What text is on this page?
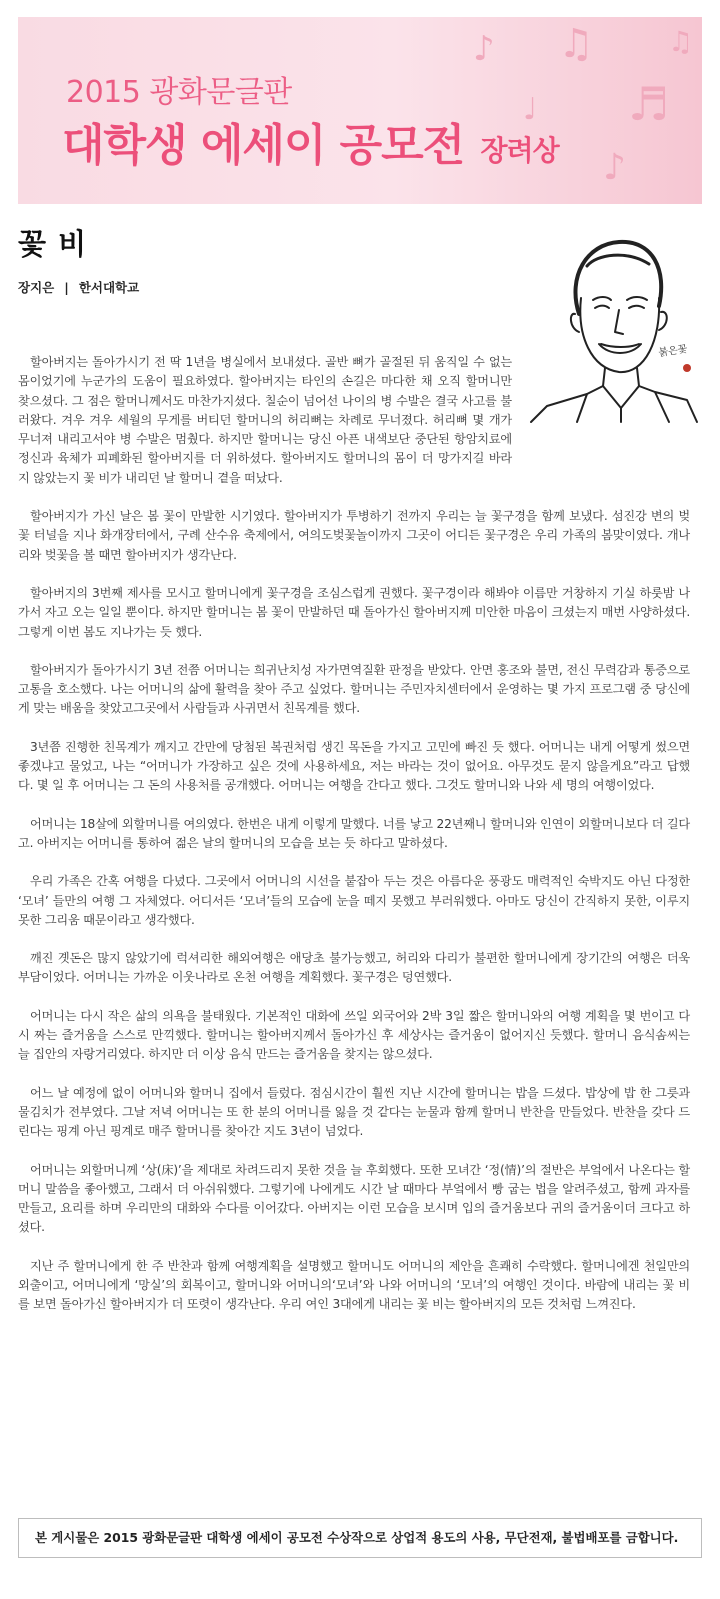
♪ ♫
♬
♩
♪
♫
2015 광화문글판
대학생 에세이 공모전 장려상
꽃 비
장지은 | 한서대학교
붉은꽃

할아버지는 돌아가시기 전 딱 1년을 병실에서 보내셨다. 골반 뼈가 골절된 뒤 움직일 수 없는 몸이었기에 누군가의 도움이 필요하였다. 할아버지는 타인의 손길은 마다한 채 오직 할머니만 찾으셨다. 그 점은 할머니께서도 마찬가지셨다. 칠순이 넘어선 나이의 병 수발은 결국 사고를 불러왔다. 겨우 겨우 세월의 무게를 버티던 할머니의 허리뼈는 차례로 무너졌다. 허리뼈 몇 개가 무너져 내리고서야 병 수발은 멈췄다. 하지만 할머니는 당신 아픈 내색보단 중단된 항암치료에 정신과 육체가 피폐화된 할아버지를 더 위하셨다. 할아버지도 할머니의 몸이 더 망가지길 바라지 않았는지 꽃 비가 내리던 날 할머니 곁을 떠났다.

할아버지가 가신 날은 봄 꽃이 만발한 시기였다. 할아버지가 투병하기 전까지 우리는 늘 꽃구경을 함께 보냈다. 섬진강 변의 벚꽃 터널을 지나 화개장터에서, 구례 산수유 축제에서, 여의도벚꽃놀이까지 그곳이 어디든 꽃구경은 우리 가족의 봄맞이였다. 개나리와 벚꽃을 볼 때면 할아버지가 생각난다.

할아버지의 3번째 제사를 모시고 할머니에게 꽃구경을 조심스럽게 권했다. 꽃구경이라 해봐야 이름만 거창하지 기실 하룻밤 나가서 자고 오는 일일 뿐이다. 하지만 할머니는 봄 꽃이 만발하던 때 돌아가신 할아버지께 미안한 마음이 크셨는지 매번 사양하셨다. 그렇게 이번 봄도 지나가는 듯 했다.

할아버지가 돌아가시기 3년 전쯤 어머니는 희귀난치성 자가면역질환 판정을 받았다. 안면 홍조와 불면, 전신 무력감과 통증으로 고통을 호소했다. 나는 어머니의 삶에 활력을 찾아 주고 싶었다. 할머니는 주민자치센터에서 운영하는 몇 가지 프로그램 중 당신에게 맞는 배움을 찾았고그곳에서 사람들과 사귀면서 친목계를 했다.

3년쯤 진행한 친목계가 깨지고 간만에 당첨된 복권처럼 생긴 목돈을 가지고 고민에 빠진 듯 했다. 어머니는 내게 어떻게 썼으면 좋겠냐고 물었고, 나는 “어머니가 가장하고 싶은 것에 사용하세요, 저는 바라는 것이 없어요. 아무것도 묻지 않을게요”라고 답했다. 몇 일 후 어머니는 그 돈의 사용처를 공개했다. 어머니는 여행을 간다고 했다. 그것도 할머니와 나와 세 명의 여행이었다.

어머니는 18살에 외할머니를 여의였다. 한번은 내게 이렇게 말했다. 너를 낳고 22년째니 할머니와 인연이 외할머니보다 더 길다고. 아버지는 어머니를 통하여 젊은 날의 할머니의 모습을 보는 듯 하다고 말하셨다.

우리 가족은 간혹 여행을 다녔다. 그곳에서 어머니의 시선을 붙잡아 두는 것은 아름다운 풍광도 매력적인 숙박지도 아닌 다정한 ‘모녀’ 들만의 여행 그 자체였다. 어디서든 ‘모녀’들의 모습에 눈을 떼지 못했고 부러워했다. 아마도 당신이 간직하지 못한, 이루지 못한 그리움 때문이라고 생각했다.

깨진 곗돈은 많지 않았기에 럭셔리한 해외여행은 애당초 불가능했고, 허리와 다리가 불편한 할머니에게 장기간의 여행은 더욱 부담이었다. 어머니는 가까운 이웃나라로 온천 여행을 계획했다. 꽃구경은 덩연했다.

어머니는 다시 작은 삶의 의욕을 불태웠다. 기본적인 대화에 쓰일 외국어와 2박 3일 짧은 할머니와의 여행 계획을 몇 번이고 다시 짜는 즐거움을 스스로 만끽했다. 할머니는 할아버지께서 돌아가신 후 세상사는 즐거움이 없어지신 듯했다. 할머니 음식솜씨는 늘 집안의 자랑거리였다. 하지만 더 이상 음식 만드는 즐거움을 찾지는 않으셨다.

어느 날 예정에 없이 어머니와 할머니 집에서 들렀다. 점심시간이 훨씬 지난 시간에 할머니는 밥을 드셨다. 밥상에 밥 한 그릇과 물김치가 전부였다. 그날 저녁 어머니는 또 한 분의 어머니를 잃을 것 같다는 눈물과 함께 할머니 반찬을 만들었다. 반찬을 갖다 드린다는 핑계 아닌 핑계로 매주 할머니를 찾아간 지도 3년이 넘었다.

어머니는 외할머니께 ‘상(床)’을 제대로 차려드리지 못한 것을 늘 후회했다. 또한 모녀간 ‘정(情)’의 절반은 부엌에서 나온다는 할머니 말씀을 좋아했고, 그래서 더 아쉬워했다. 그렇기에 나에게도 시간 날 때마다 부엌에서 빵 굽는 법을 알려주셨고, 함께 과자를 만들고, 요리를 하며 우리만의 대화와 수다를 이어갔다. 아버지는 이런 모습을 보시며 입의 즐거움보다 귀의 즐거움이더 크다고 하셨다.

지난 주 할머니에게 한 주 반찬과 함께 여행계획을 설명했고 할머니도 어머니의 제안을 흔쾌히 수락했다. 할머니에겐 천일만의 외출이고, 어머니에게 ‘망실’의 회복이고, 할머니와 어머니의‘모녀’와 나와 어머니의 ‘모녀’의 여행인 것이다. 바람에 내리는 꽃 비를 보면 돌아가신 할아버지가 더 또렷이 생각난다. 우리 여인 3대에게 내리는 꽃 비는 할아버지의 모든 것처럼 느껴진다.

본 게시물은 2015 광화문글판 대학생 에세이 공모전 수상작으로 상업적 용도의 사용, 무단전재, 불법배포를 금합니다.
